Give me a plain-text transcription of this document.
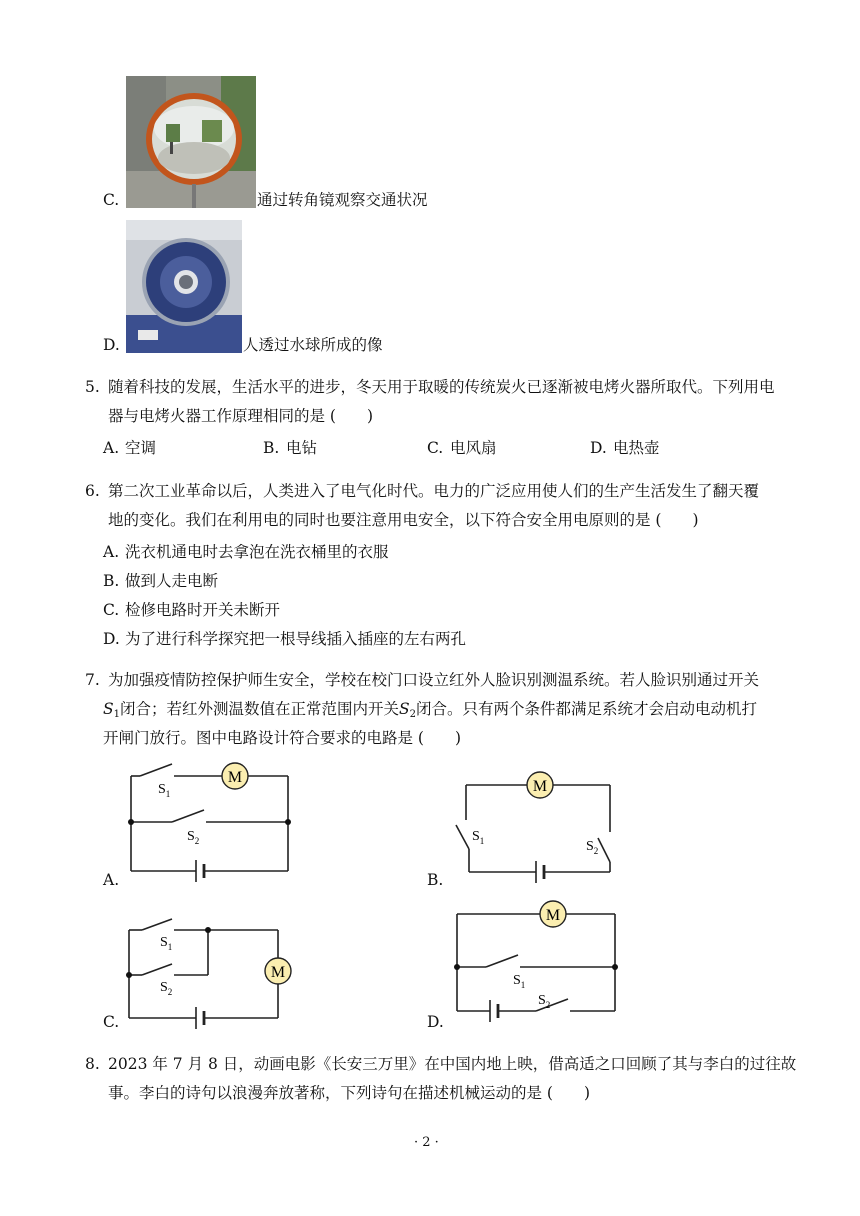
C.	通过转角镜观察交通状况
D.	人透过水球所成的像
5. 随着科技的发展，生活水平的进步，冬天用于取暖的传统炭火已逐渐被电烤火器所取代。下列用电
器与电烤火器工作原理相同的是 (　　)
A. 空调	B. 电钻	C. 电风扇	D. 电热壶
6. 第二次工业革命以后，人类进入了电气化时代。电力的广泛应用使人们的生产生活发生了翻天覆
地的变化。我们在利用电的同时也要注意用电安全，以下符合安全用电原则的是 (　　)
A. 洗衣机通电时去拿泡在洗衣桶里的衣服
B. 做到人走电断
C. 检修电路时开关未断开
D. 为了进行科学探究把一根导线插入插座的左右两孔
7. 为加强疫情防控保护师生安全，学校在校门口设立红外人脸识别测温系统。若人脸识别通过开关
$S_1$闭合；若红外测温数值在正常范围内开关$S_2$闭合。只有两个条件都满足系统才会启动电动机打
开闸门放行。图中电路设计符合要求的电路是 (　　)
M
$S_1$
$S_2$
A.
M
$S_1$	$S_2$
B.
M
$S_1$
$S_2$
C.
M
$S_1$
$S_2$
D.
8. 2023 年 7 月 8 日，动画电影《长安三万里》在中国内地上映，借高适之口回顾了其与李白的过往故
事。李白的诗句以浪漫奔放著称，下列诗句在描述机械运动的是 (　　)
· 2 ·
